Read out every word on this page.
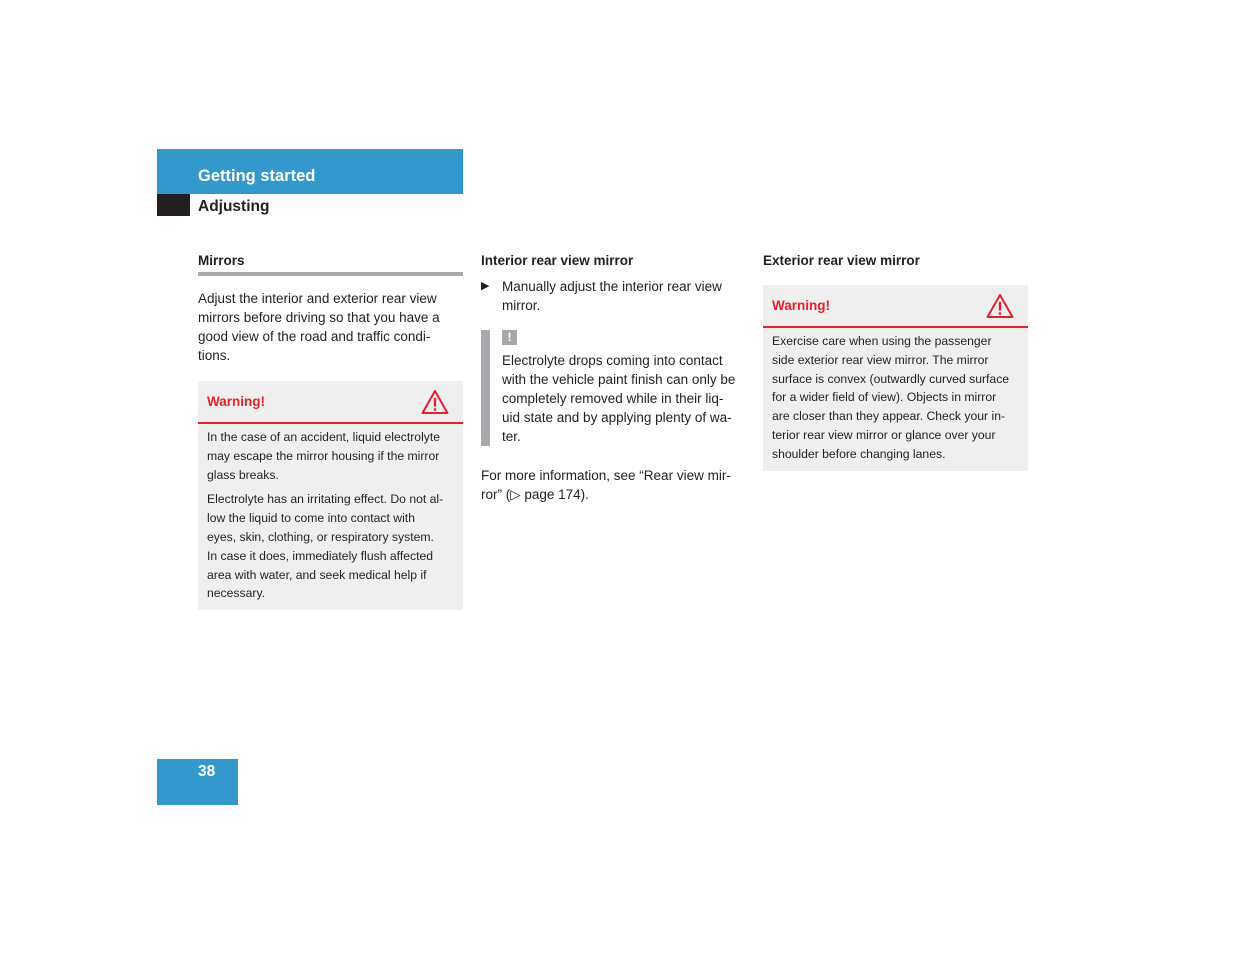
Getting started
Adjusting
Mirrors

Adjust the interior and exterior rear view
mirrors before driving so that you have a
good view of the road and traffic condi-
tions.

Warning!

In the case of an accident, liquid electrolyte
may escape the mirror housing if the mirror
glass breaks.

Electrolyte has an irritating effect. Do not al-
low the liquid to come into contact with
eyes, skin, clothing, or respiratory system.
In case it does, immediately flush affected
area with water, and seek medical help if
necessary.

Interior rear view mirror
▶ Manually adjust the interior rear view
mirror.
!

Electrolyte drops coming into contact
with the vehicle paint finish can only be
completely removed while in their liq-
uid state and by applying plenty of wa-
ter.

For more information, see “Rear view mir-
ror” (▷ page 174).

Exterior rear view mirror
Warning!

Exercise care when using the passenger
side exterior rear view mirror. The mirror
surface is convex (outwardly curved surface
for a wider field of view). Objects in mirror
are closer than they appear. Check your in-
terior rear view mirror or glance over your
shoulder before changing lanes.

38
